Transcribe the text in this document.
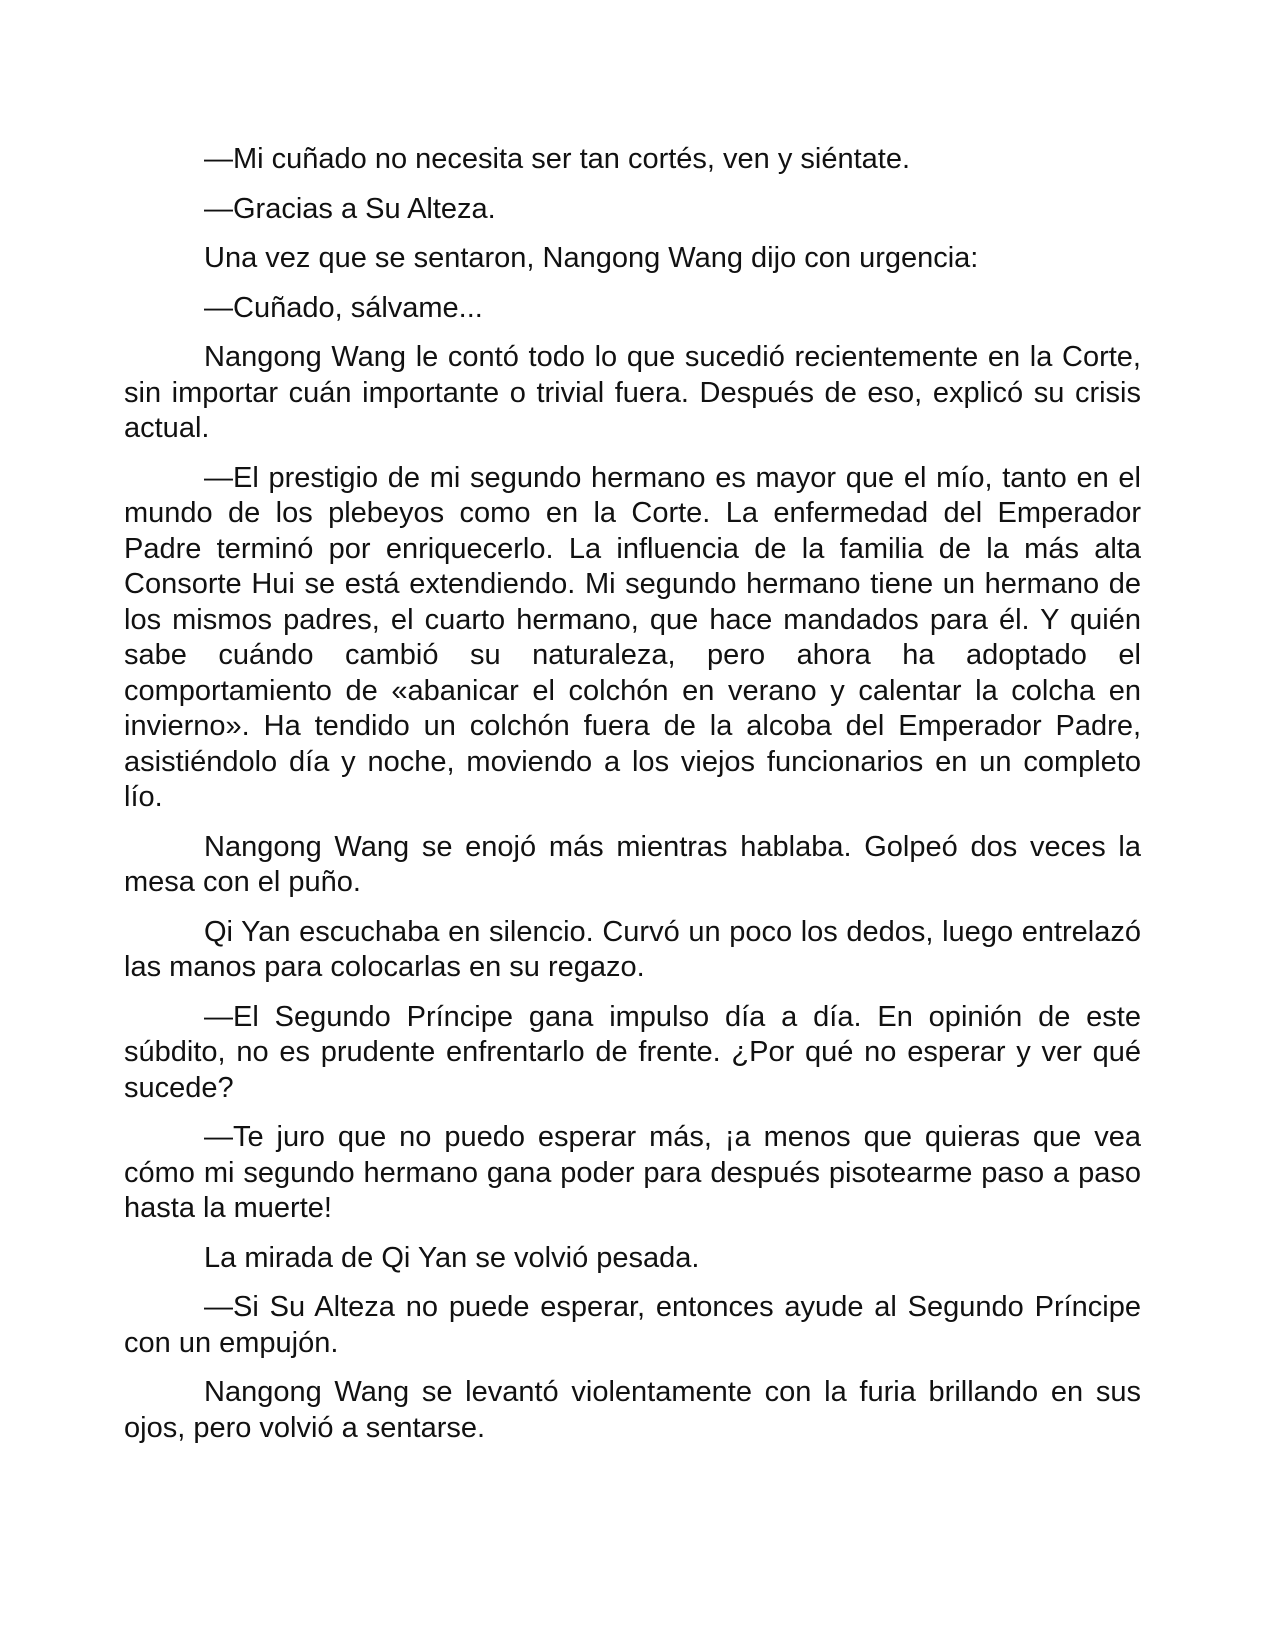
—Mi cuñado no necesita ser tan cortés, ven y siéntate.

—Gracias a Su Alteza.

Una vez que se sentaron, Nangong Wang dijo con urgencia:

—Cuñado, sálvame...

Nangong Wang le contó todo lo que sucedió recientemente en la Corte, sin importar cuán importante o trivial fuera. Después de eso, explicó su crisis actual.

—El prestigio de mi segundo hermano es mayor que el mío, tanto en el mundo de los plebeyos como en la Corte. La enfermedad del Emperador Padre terminó por enriquecerlo. La influencia de la familia de la más alta Consorte Hui se está extendiendo. Mi segundo hermano tiene un hermano de los mismos padres, el cuarto hermano, que hace mandados para él. Y quién sabe cuándo cambió su naturaleza, pero ahora ha adoptado el comportamiento de «abanicar el colchón en verano y calentar la colcha en invierno». Ha tendido un colchón fuera de la alcoba del Emperador Padre, asistiéndolo día y noche, moviendo a los viejos funcionarios en un completo lío.

Nangong Wang se enojó más mientras hablaba. Golpeó dos veces la mesa con el puño.

Qi Yan escuchaba en silencio. Curvó un poco los dedos, luego entrelazó las manos para colocarlas en su regazo.

—El Segundo Príncipe gana impulso día a día. En opinión de este súbdito, no es prudente enfrentarlo de frente. ¿Por qué no esperar y ver qué sucede?

—Te juro que no puedo esperar más, ¡a menos que quieras que vea cómo mi segundo hermano gana poder para después pisotearme paso a paso hasta la muerte!

La mirada de Qi Yan se volvió pesada.

—Si Su Alteza no puede esperar, entonces ayude al Segundo Príncipe con un empujón.

Nangong Wang se levantó violentamente con la furia brillando en sus ojos, pero volvió a sentarse.
